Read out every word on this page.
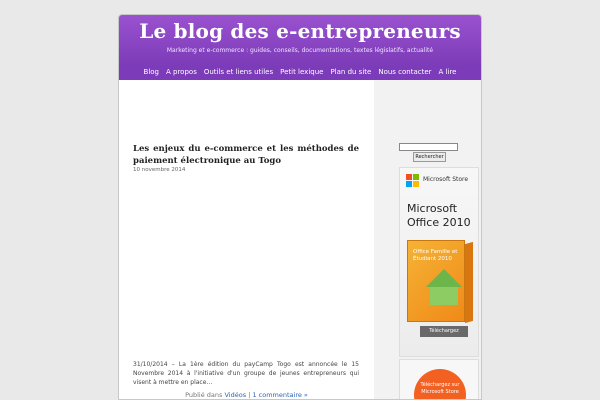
Le blog des e-entrepreneurs
Marketing et e-commerce : guides, conseils, documentations, textes législatifs, actualité
Blog A propos Outils et liens utiles Petit lexique Plan du site Nous contacter A lire
Les enjeux du e-commerce et les méthodes de paiement électronique au Togo
10 novembre 2014
31/10/2014 – La 1ère édition du payCamp Togo est annoncée le 15 Novembre 2014 à l'initiative d'un groupe de jeunes entrepreneurs qui visent à mettre en place…
Publié dans Vidéos | 1 commentaire »
Rechercher
Microsoft Store
Microsoft Office 2010
Office Famille et Étudiant 2010
Téléchargez
Téléchargez sur Microsoft Store
